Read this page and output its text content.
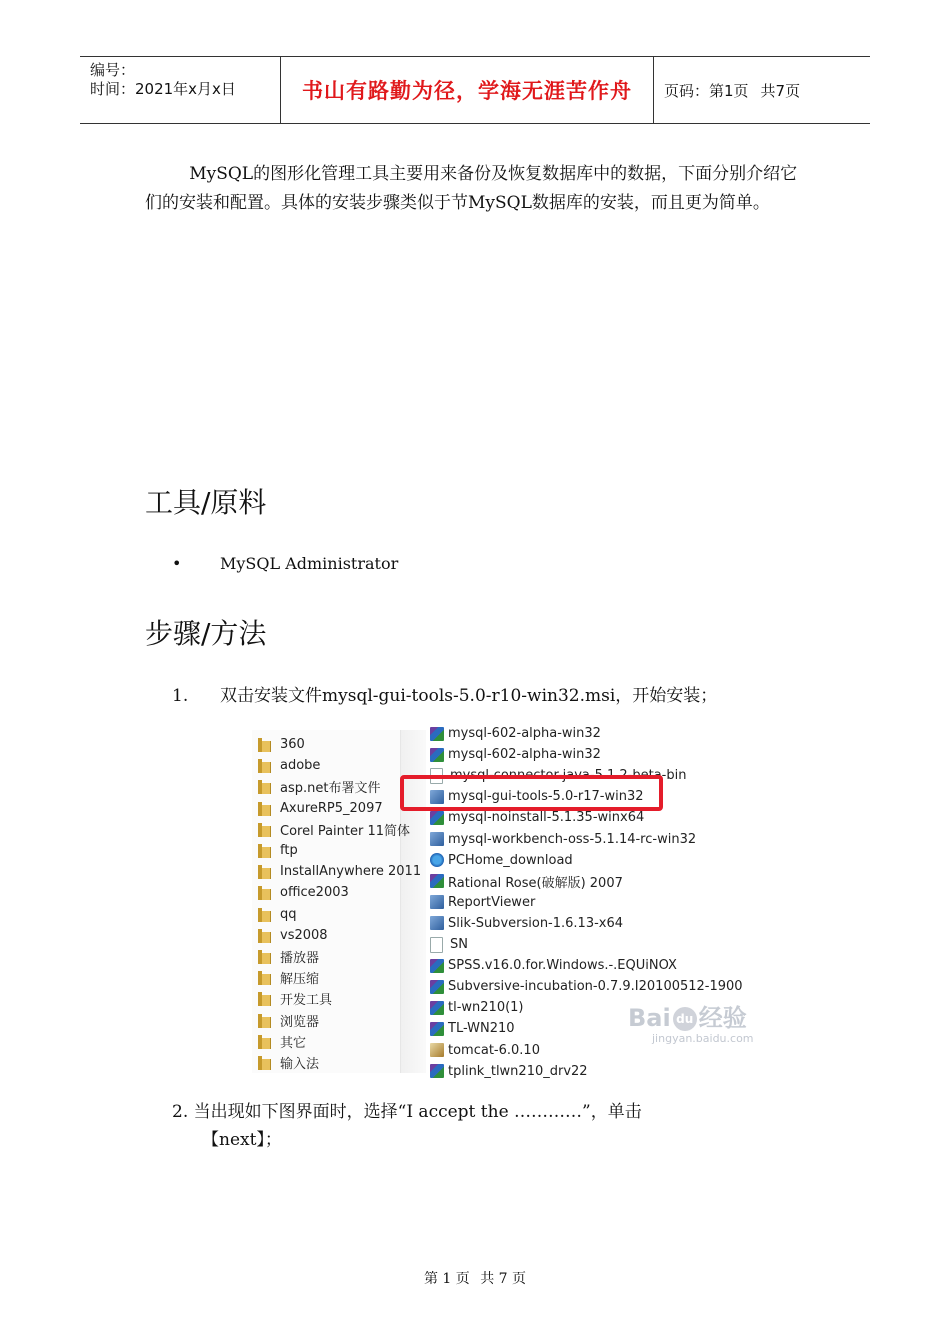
编号：
时间：2021年x月x日	书山有路勤为径，学海无涯苦作舟 页码：第1页 共7页

MySQL的图形化管理工具主要用来备份及恢复数据库中的数据，下面分别介绍它们的安装和配置。具体的安装步骤类似于节MySQL数据库的安装，而且更为简单。

工具/原料
•	MySQL Administrator
步骤/方法
1.	双击安装文件mysql-gui-tools-5.0-r10-win32.msi，开始安装；
360
adobe
asp.net布署文件
AxureRP5_2097
Corel Painter 11简体
ftp
InstallAnywhere 2011
office2003
qq
vs2008
播放器
解压缩
开发工具
浏览器
其它
输入法
mysql-602-alpha-win32
mysql-602-alpha-win32
mysql-connector-java-5.1.2-beta-bin
mysql-gui-tools-5.0-r17-win32
mysql-noinstall-5.1.35-winx64
mysql-workbench-oss-5.1.14-rc-win32
PCHome_download
Rational Rose(破解版) 2007
ReportViewer
Slik-Subversion-1.6.13-x64
SN
SPSS.v16.0.for.Windows.-.EQUiNOX
Subversive-incubation-0.7.9.I20100512-1900
tl-wn210(1)
TL-WN210
tomcat-6.0.10
tplink_tlwn210_drv22
Bai du 经验
jingyan.baidu.com
2. 当出现如下图界面时，选择“I accept the …………”，单击
【next】；
第 1 页 共 7 页
